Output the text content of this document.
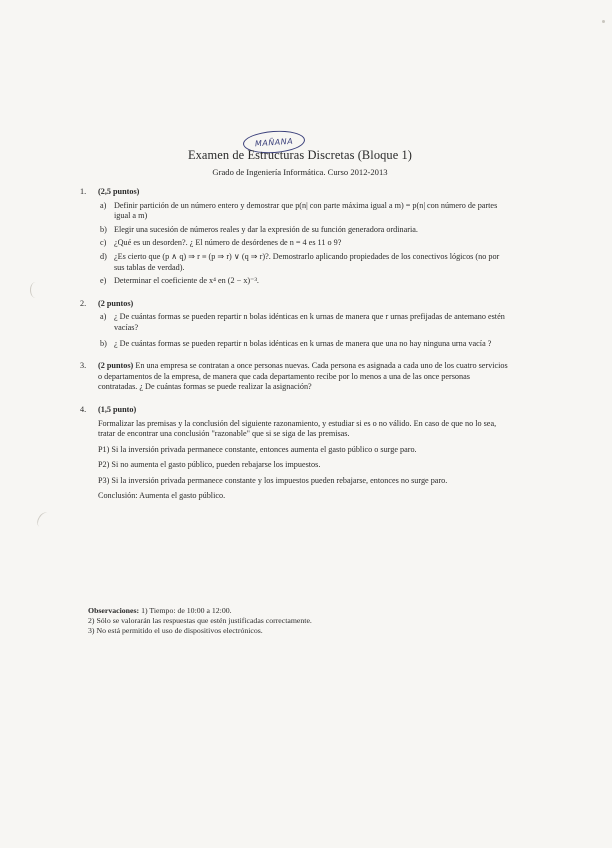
MAÑANA
Examen de Estructuras Discretas (Bloque 1)
Grado de Ingeniería Informática. Curso 2012-2013
1.	(2,5 puntos)
a) Definir partición de un número entero y demostrar que p(n| con parte máxima igual a m) = p(n| con número de partes igual a m)
b) Elegir una sucesión de números reales y dar la expresión de su función generadora ordinaria.
c) ¿Qué es un desorden?. ¿ El número de desórdenes de n = 4 es 11 o 9?
d) ¿Es cierto que (p ∧ q) ⇒ r ≡ (p ⇒ r) ∨ (q ⇒ r)?. Demostrarlo aplicando propiedades de los conectivos lógicos (no por sus tablas de verdad).
e) Determinar el coeficiente de x⁴ en (2 − x)⁻³.
2.	(2 puntos)
a) ¿ De cuántas formas se pueden repartir n bolas idénticas en k urnas de manera que r urnas prefijadas de antemano estén vacías?
b) ¿ De cuántas formas se pueden repartir n bolas idénticas en k urnas de manera que una no hay ninguna urna vacía ?
3.	(2 puntos) En una empresa se contratan a once personas nuevas. Cada persona es asignada a cada uno de los cuatro servicios o departamentos de la empresa, de manera que cada departamento recibe por lo menos a una de las once personas contratadas. ¿ De cuántas formas se puede realizar la asignación?
4.	(1,5 punto)
Formalizar las premisas y la conclusión del siguiente razonamiento, y estudiar si es o no válido. En caso de que no lo sea, tratar de encontrar una conclusión "razonable" que si se siga de las premisas.
P1) Si la inversión privada permanece constante, entonces aumenta el gasto público o surge paro.
P2) Si no aumenta el gasto público, pueden rebajarse los impuestos.
P3) Si la inversión privada permanece constante y los impuestos pueden rebajarse, entonces no surge paro.
Conclusión: Aumenta el gasto público.
Observaciones: 1) Tiempo: de 10:00 a 12:00.
2) Sólo se valorarán las respuestas que estén justificadas correctamente.
3) No está permitido el uso de dispositivos electrónicos.
